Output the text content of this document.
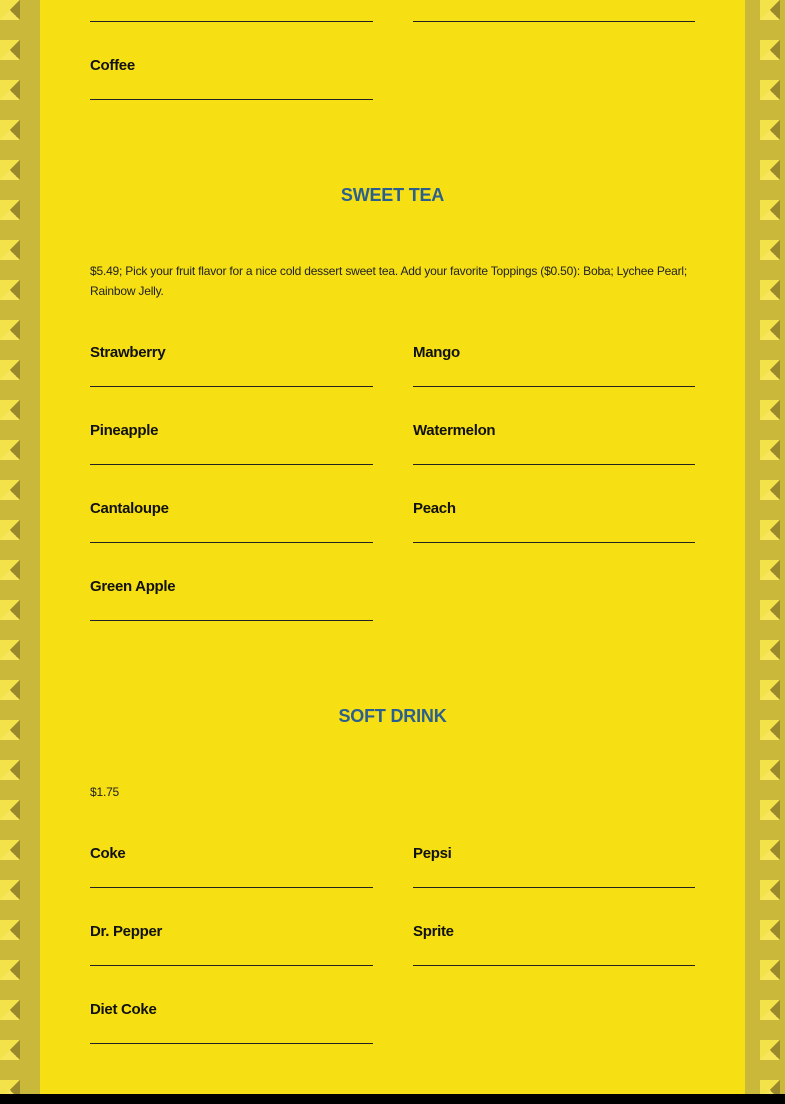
Coffee
SWEET TEA
$5.49; Pick your fruit flavor for a nice cold dessert sweet tea. Add your favorite Toppings ($0.50): Boba; Lychee Pearl; Rainbow Jelly.
Strawberry	Mango
Pineapple	Watermelon
Cantaloupe	Peach
Green Apple
SOFT DRINK
$1.75
Coke	Pepsi
Dr. Pepper	Sprite
Diet Coke
